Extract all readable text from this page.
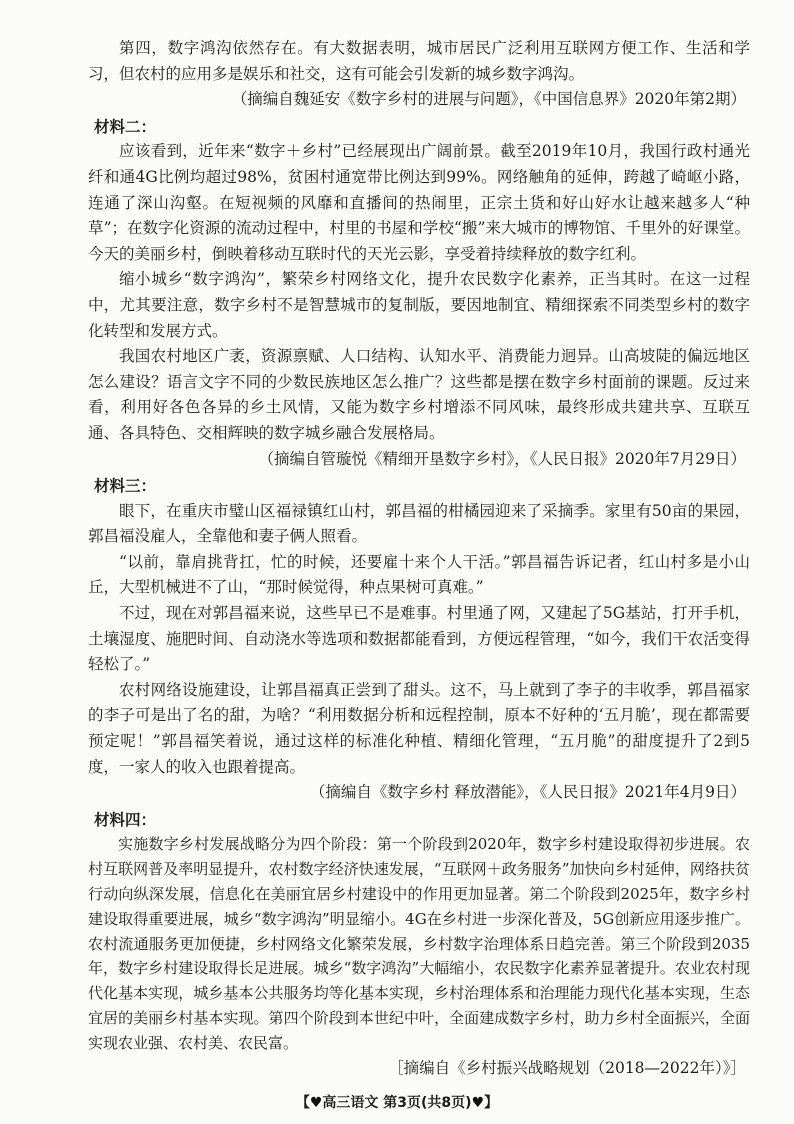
第四，数字鸿沟依然存在。有大数据表明，城市居民广泛利用互联网方便工作、生活和学习，但农村的应用多是娱乐和社交，这有可能会引发新的城乡数字鸿沟。

（摘编自魏延安《数字乡村的进展与问题》，《中国信息界》2020年第2期）

材料二：

应该看到，近年来“数字＋乡村”已经展现出广阔前景。截至2019年10月，我国行政村通光纤和通4G比例均超过98%，贫困村通宽带比例达到99%。网络触角的延伸，跨越了崎岖小路，连通了深山沟壑。在短视频的风靡和直播间的热闹里，正宗土货和好山好水让越来越多人“种草”；在数字化资源的流动过程中，村里的书屋和学校“搬”来大城市的博物馆、千里外的好课堂。今天的美丽乡村，倒映着移动互联时代的天光云影，享受着持续释放的数字红利。

缩小城乡“数字鸿沟”，繁荣乡村网络文化，提升农民数字化素养，正当其时。在这一过程中，尤其要注意，数字乡村不是智慧城市的复制版，要因地制宜、精细探索不同类型乡村的数字化转型和发展方式。

我国农村地区广袤，资源禀赋、人口结构、认知水平、消费能力迥异。山高坡陡的偏远地区怎么建设？语言文字不同的少数民族地区怎么推广？这些都是摆在数字乡村面前的课题。反过来看，利用好各色各异的乡土风情，又能为数字乡村增添不同风味，最终形成共建共享、互联互通、各具特色、交相辉映的数字城乡融合发展格局。

（摘编自管璇悦《精细开垦数字乡村》，《人民日报》2020年7月29日）

材料三：

眼下，在重庆市璧山区福禄镇红山村，郭昌福的柑橘园迎来了采摘季。家里有50亩的果园，郭昌福没雇人，全靠他和妻子俩人照看。

“以前，靠肩挑背扛，忙的时候，还要雇十来个人干活。”郭昌福告诉记者，红山村多是小山丘，大型机械进不了山，“那时候觉得，种点果树可真难。”

不过，现在对郭昌福来说，这些早已不是难事。村里通了网，又建起了5G基站，打开手机，土壤湿度、施肥时间、自动浇水等选项和数据都能看到，方便远程管理，“如今，我们干农活变得轻松了。”

农村网络设施建设，让郭昌福真正尝到了甜头。这不，马上就到了李子的丰收季，郭昌福家的李子可是出了名的甜，为啥？“利用数据分析和远程控制，原本不好种的‘五月脆’，现在都需要预定呢！”郭昌福笑着说，通过这样的标准化种植、精细化管理，“五月脆”的甜度提升了2到5度，一家人的收入也跟着提高。

（摘编自《数字乡村 释放潜能》，《人民日报》2021年4月9日）

材料四：

实施数字乡村发展战略分为四个阶段：第一个阶段到2020年，数字乡村建设取得初步进展。农村互联网普及率明显提升，农村数字经济快速发展，“互联网＋政务服务”加快向乡村延伸，网络扶贫行动向纵深发展，信息化在美丽宜居乡村建设中的作用更加显著。第二个阶段到2025年，数字乡村建设取得重要进展，城乡“数字鸿沟”明显缩小。4G在乡村进一步深化普及，5G创新应用逐步推广。农村流通服务更加便捷，乡村网络文化繁荣发展，乡村数字治理体系日趋完善。第三个阶段到2035年，数字乡村建设取得长足进展。城乡“数字鸿沟”大幅缩小，农民数字化素养显著提升。农业农村现代化基本实现，城乡基本公共服务均等化基本实现，乡村治理体系和治理能力现代化基本实现，生态宜居的美丽乡村基本实现。第四个阶段到本世纪中叶，全面建成数字乡村，助力乡村全面振兴，全面实现农业强、农村美、农民富。

［摘编自《乡村振兴战略规划（2018—2022年）》］

【♥高三语文 第3页(共8页)♥】
